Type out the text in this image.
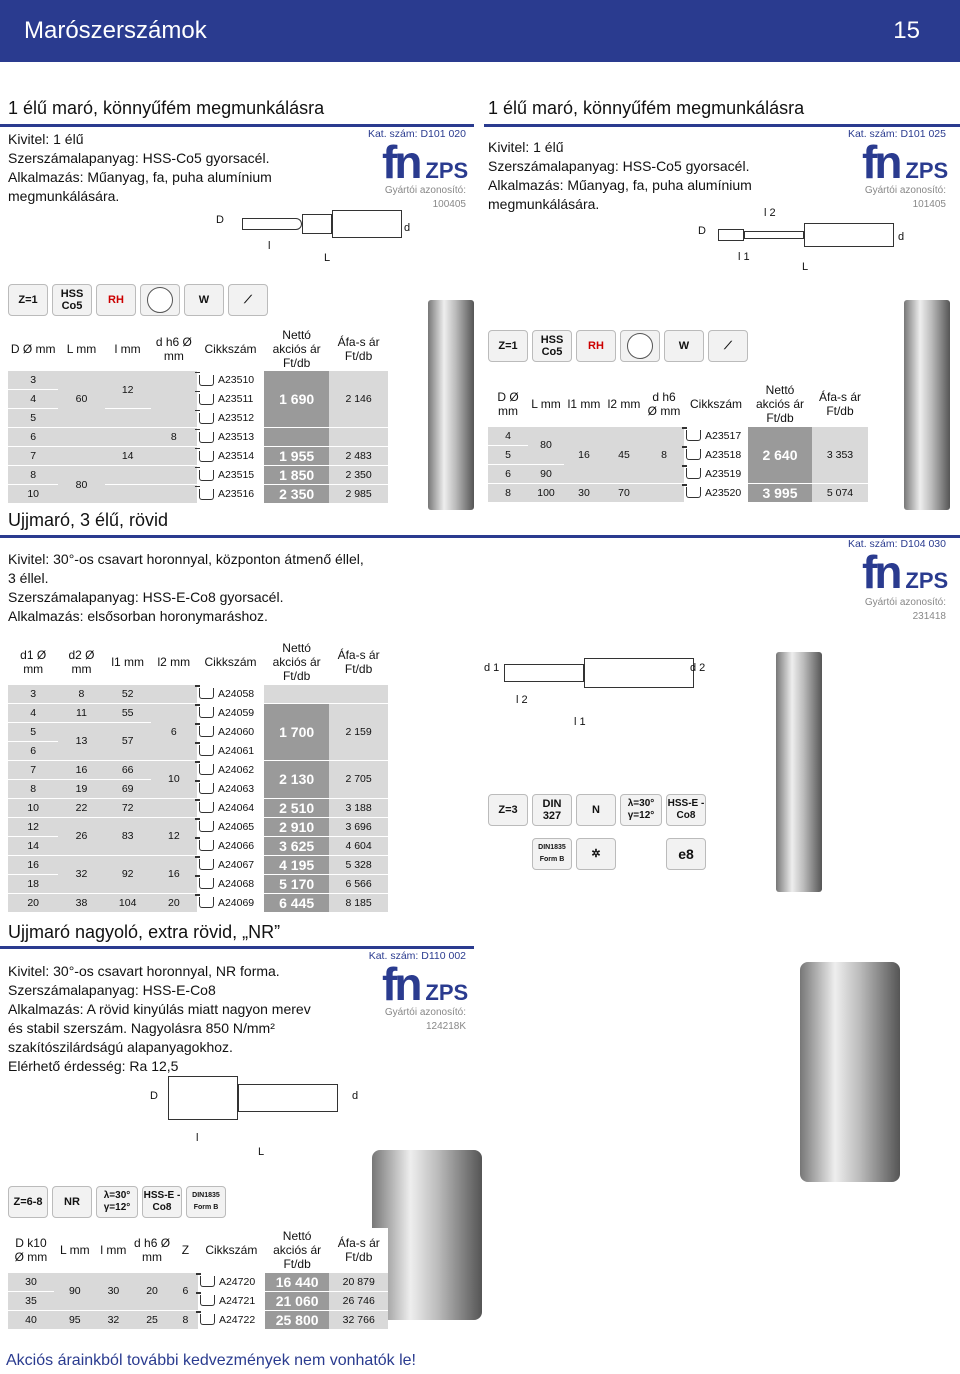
Marószerszámok	15
1 élű maró, könnyűfém megmunkálásra
Kivitel: 1 élű
Szerszámalapanyag: HSS-Co5 gyorsacél.
Alkalmazás: Műanyag, fa, puha alumínium
megmunkálására.
Kat. szám: D101 020
fn ZPS
Gyártói azonosító:
100405
D
l
L
d
1 élű maró, könnyűfém megmunkálásra
Kivitel: 1 élű
Szerszámalapanyag: HSS-Co5 gyorsacél.
Alkalmazás: Műanyag, fa, puha alumínium
megmunkálására.
Kat. szám: D101 025
fn ZPS
Gyártói azonosító:
101405
D
l 2
l 1
L
d
Z=1	HSS Co5	RH	W	⟋
D Ø mm	L mm	l mm	d h6 Ø mm	Cikkszám	Nettó akciós ár Ft/db	Áfa-s ár Ft/db
3	60	12		A23510	1 690	2 146
4				A23511		
5				A23512		
6			8	A23513		
7		14		A23514	1 955	2 483
8	80			A23515	1 850	2 350
10				A23516	2 350	2 985
Z=1	HSS Co5	RH	W	⟋
D Ø mm	L mm	l1 mm	l2 mm	d h6 Ø mm	Cikkszám	Nettó akciós ár Ft/db	Áfa-s ár Ft/db
4	80	16	45	8	A23517	2 640	3 353
5					A23518		
6	90				A23519		
8	100	30	70		A23520	3 995	5 074
Ujjmaró, 3 élű, rövid
Kivitel: 30°-os csavart horonnyal, központon átmenő éllel,
3 éllel.
Szerszámalapanyag: HSS-E-Co8 gyorsacél.
Alkalmazás: elsősorban horonymaráshoz.
Kat. szám: D104 030
fn ZPS
Gyártói azonosító:
231418
d1 Ø mm	d2 Ø mm	l1 mm	l2 mm	Cikkszám	Nettó akciós ár Ft/db	Áfa-s ár Ft/db
3	8	52		A24058		
4	11	55	6	A24059	1 700	2 159
5	13	57		A24060		
6				A24061		
7	16	66	10	A24062	2 130	2 705
8	19	69		A24063		
10	22	72		A24064	2 510	3 188
12	26	83	12	A24065	2 910	3 696
14				A24066	3 625	4 604
16	32	92	16	A24067	4 195	5 328
18				A24068	5 170	6 566
20	38	104	20	A24069	6 445	8 185
d 1	d 2
l 2
l 1
Z=3	DIN 327	N
λ=30° γ=12°
HSS-E -Co8
DIN1835 Form B	✲	e8
Ujjmaró nagyoló, extra rövid, „NR”
Kivitel: 30°-os csavart horonnyal, NR forma.
Szerszámalapanyag: HSS-E-Co8
Alkalmazás: A rövid kinyúlás miatt nagyon merev
és stabil szerszám. Nagyolásra 850 N/mm²
szakítószilárdságú alapanyagokhoz.
Elérhető érdesség: Ra 12,5
Kat. szám: D110 002
fn ZPS
Gyártói azonosító:
124218K
D
l
L
d
Z=6-8	NR
λ=30° γ=12°
HSS-E -Co8
DIN1835 Form B
D k10 Ø mm	L mm	l mm	d h6 Ø mm	Z	Cikkszám	Nettó akciós ár Ft/db	Áfa-s ár Ft/db
30	90	30	20	6	A24720	16 440	20 879
35					A24721	21 060	26 746
40	95	32	25	8	A24722	25 800	32 766
Akciós árainkból további kedvezmények nem vonhatók le!
